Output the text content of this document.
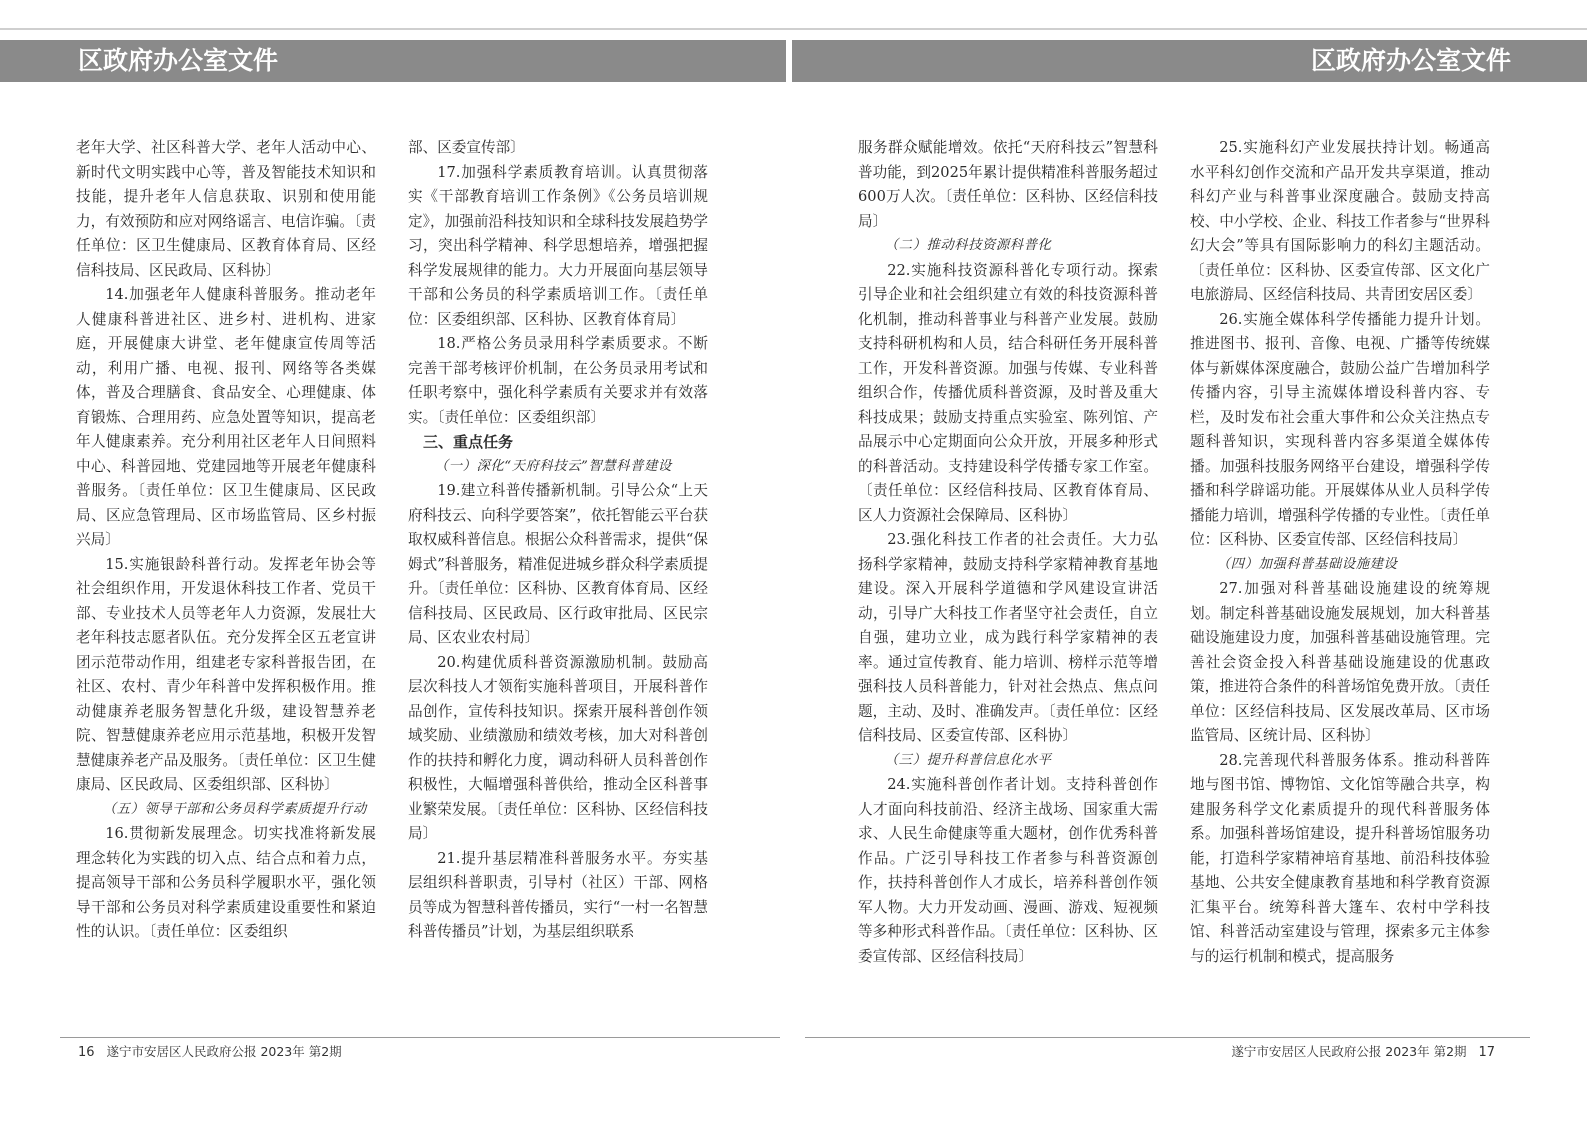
区政府办公室文件	区政府办公室文件

老年大学、社区科普大学、老年人活动中心、新时代文明实践中心等，普及智能技术知识和技能，提升老年人信息获取、识别和使用能力，有效预防和应对网络谣言、电信诈骗。〔责任单位：区卫生健康局、区教育体育局、区经信科技局、区民政局、区科协〕

14.加强老年人健康科普服务。推动老年人健康科普进社区、进乡村、进机构、进家庭，开展健康大讲堂、老年健康宣传周等活动，利用广播、电视、报刊、网络等各类媒体，普及合理膳食、食品安全、心理健康、体育锻炼、合理用药、应急处置等知识，提高老年人健康素养。充分利用社区老年人日间照料中心、科普园地、党建园地等开展老年健康科普服务。〔责任单位：区卫生健康局、区民政局、区应急管理局、区市场监管局、区乡村振兴局〕

15.实施银龄科普行动。发挥老年协会等社会组织作用，开发退休科技工作者、党员干部、专业技术人员等老年人力资源，发展壮大老年科技志愿者队伍。充分发挥全区五老宣讲团示范带动作用，组建老专家科普报告团，在社区、农村、青少年科普中发挥积极作用。推动健康养老服务智慧化升级，建设智慧养老院、智慧健康养老应用示范基地，积极开发智慧健康养老产品及服务。〔责任单位：区卫生健康局、区民政局、区委组织部、区科协〕

（五）领导干部和公务员科学素质提升行动

16.贯彻新发展理念。切实找准将新发展理念转化为实践的切入点、结合点和着力点，提高领导干部和公务员科学履职水平，强化领导干部和公务员对科学素质建设重要性和紧迫性的认识。〔责任单位：区委组织

部、区委宣传部〕

17.加强科学素质教育培训。认真贯彻落实《干部教育培训工作条例》《公务员培训规定》，加强前沿科技知识和全球科技发展趋势学习，突出科学精神、科学思想培养，增强把握科学发展规律的能力。大力开展面向基层领导干部和公务员的科学素质培训工作。〔责任单位：区委组织部、区科协、区教育体育局〕

18.严格公务员录用科学素质要求。不断完善干部考核评价机制，在公务员录用考试和任职考察中，强化科学素质有关要求并有效落实。〔责任单位：区委组织部〕

三、重点任务

（一）深化“天府科技云”智慧科普建设

19.建立科普传播新机制。引导公众“上天府科技云、向科学要答案”，依托智能云平台获取权威科普信息。根据公众科普需求，提供“保姆式”科普服务，精准促进城乡群众科学素质提升。〔责任单位：区科协、区教育体育局、区经信科技局、区民政局、区行政审批局、区民宗局、区农业农村局〕

20.构建优质科普资源激励机制。鼓励高层次科技人才领衔实施科普项目，开展科普作品创作，宣传科技知识。探索开展科普创作领域奖励、业绩激励和绩效考核，加大对科普创作的扶持和孵化力度，调动科研人员科普创作积极性，大幅增强科普供给，推动全区科普事业繁荣发展。〔责任单位：区科协、区经信科技局〕

21.提升基层精准科普服务水平。夯实基层组织科普职责，引导村（社区）干部、网格员等成为智慧科普传播员，实行“一村一名智慧科普传播员”计划，为基层组织联系

服务群众赋能增效。依托“天府科技云”智慧科普功能，到2025年累计提供精准科普服务超过600万人次。〔责任单位：区科协、区经信科技局〕

（二）推动科技资源科普化

22.实施科技资源科普化专项行动。探索引导企业和社会组织建立有效的科技资源科普化机制，推动科普事业与科普产业发展。鼓励支持科研机构和人员，结合科研任务开展科普工作，开发科普资源。加强与传媒、专业科普组织合作，传播优质科普资源，及时普及重大科技成果；鼓励支持重点实验室、陈列馆、产品展示中心定期面向公众开放，开展多种形式的科普活动。支持建设科学传播专家工作室。〔责任单位：区经信科技局、区教育体育局、区人力资源社会保障局、区科协〕

23.强化科技工作者的社会责任。大力弘扬科学家精神，鼓励支持科学家精神教育基地建设。深入开展科学道德和学风建设宣讲活动，引导广大科技工作者坚守社会责任，自立自强，建功立业，成为践行科学家精神的表率。通过宣传教育、能力培训、榜样示范等增强科技人员科普能力，针对社会热点、焦点问题，主动、及时、准确发声。〔责任单位：区经信科技局、区委宣传部、区科协〕

（三）提升科普信息化水平

24.实施科普创作者计划。支持科普创作人才面向科技前沿、经济主战场、国家重大需求、人民生命健康等重大题材，创作优秀科普作品。广泛引导科技工作者参与科普资源创作，扶持科普创作人才成长，培养科普创作领军人物。大力开发动画、漫画、游戏、短视频等多种形式科普作品。〔责任单位：区科协、区委宣传部、区经信科技局〕

25.实施科幻产业发展扶持计划。畅通高水平科幻创作交流和产品开发共享渠道，推动科幻产业与科普事业深度融合。鼓励支持高校、中小学校、企业、科技工作者参与“世界科幻大会”等具有国际影响力的科幻主题活动。〔责任单位：区科协、区委宣传部、区文化广电旅游局、区经信科技局、共青团安居区委〕

26.实施全媒体科学传播能力提升计划。推进图书、报刊、音像、电视、广播等传统媒体与新媒体深度融合，鼓励公益广告增加科学传播内容，引导主流媒体增设科普内容、专栏，及时发布社会重大事件和公众关注热点专题科普知识，实现科普内容多渠道全媒体传播。加强科技服务网络平台建设，增强科学传播和科学辟谣功能。开展媒体从业人员科学传播能力培训，增强科学传播的专业性。〔责任单位：区科协、区委宣传部、区经信科技局〕

（四）加强科普基础设施建设

27.加强对科普基础设施建设的统筹规划。制定科普基础设施发展规划，加大科普基础设施建设力度，加强科普基础设施管理。完善社会资金投入科普基础设施建设的优惠政策，推进符合条件的科普场馆免费开放。〔责任单位：区经信科技局、区发展改革局、区市场监管局、区统计局、区科协〕

28.完善现代科普服务体系。推动科普阵地与图书馆、博物馆、文化馆等融合共享，构建服务科学文化素质提升的现代科普服务体系。加强科普场馆建设，提升科普场馆服务功能，打造科学家精神培育基地、前沿科技体验基地、公共安全健康教育基地和科学教育资源汇集平台。统筹科普大篷车、农村中学科技馆、科普活动室建设与管理，探索多元主体参与的运行机制和模式，提高服务

16 遂宁市安居区人民政府公报 2023年 第2期	遂宁市安居区人民政府公报 2023年 第2期 17
